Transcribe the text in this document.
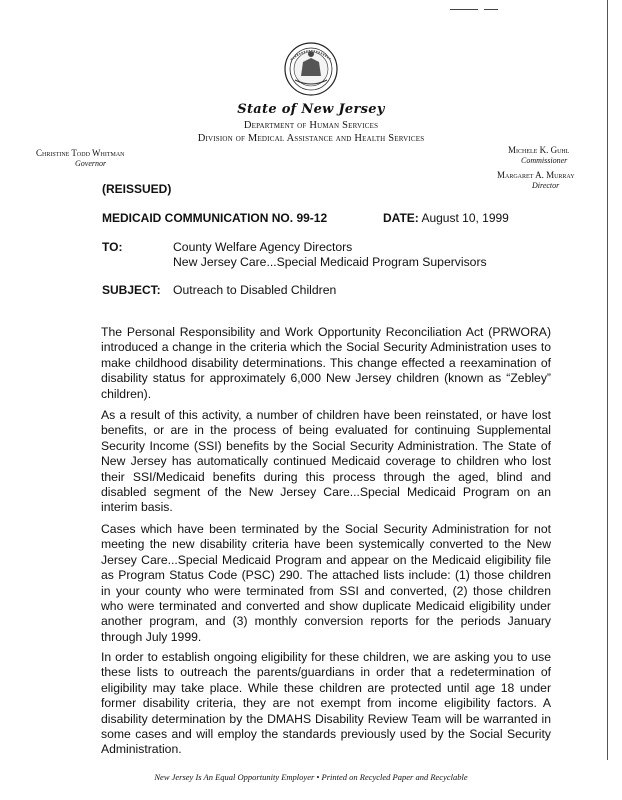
State of New Jersey
Department of Human Services
Division of Medical Assistance and Health Services
Christine Todd Whitman
Governor
Michele K. Guhl
Commissioner
Margaret A. Murray
Director
(REISSUED)
MEDICAID COMMUNICATION NO. 99-12	DATE: August 10, 1999
TO:	County Welfare Agency Directors
New Jersey Care...Special Medicaid Program Supervisors
SUBJECT: Outreach to Disabled Children

The Personal Responsibility and Work Opportunity Reconciliation Act (PRWORA) introduced a change in the criteria which the Social Security Administration uses to make childhood disability determinations. This change effected a reexamination of disability status for approximately 6,000 New Jersey children (known as “Zebley” children).

As a result of this activity, a number of children have been reinstated, or have lost benefits, or are in the process of being evaluated for continuing Supplemental Security Income (SSI) benefits by the Social Security Administration. The State of New Jersey has automatically continued Medicaid coverage to children who lost their SSI/Medicaid benefits during this process through the aged, blind and disabled segment of the New Jersey Care...Special Medicaid Program on an interim basis.

Cases which have been terminated by the Social Security Administration for not meeting the new disability criteria have been systemically converted to the New Jersey Care...Special Medicaid Program and appear on the Medicaid eligibility file as Program Status Code (PSC) 290. The attached lists include: (1) those children in your county who were terminated from SSI and converted, (2) those children who were terminated and converted and show duplicate Medicaid eligibility under another program, and (3) monthly conversion reports for the periods January through July 1999.

In order to establish ongoing eligibility for these children, we are asking you to use these lists to outreach the parents/guardians in order that a redetermination of eligibility may take place. While these children are protected until age 18 under former disability criteria, they are not exempt from income eligibility factors. A disability determination by the DMAHS Disability Review Team will be warranted in some cases and will employ the standards previously used by the Social Security Administration.

New Jersey Is An Equal Opportunity Employer • Printed on Recycled Paper and Recyclable
